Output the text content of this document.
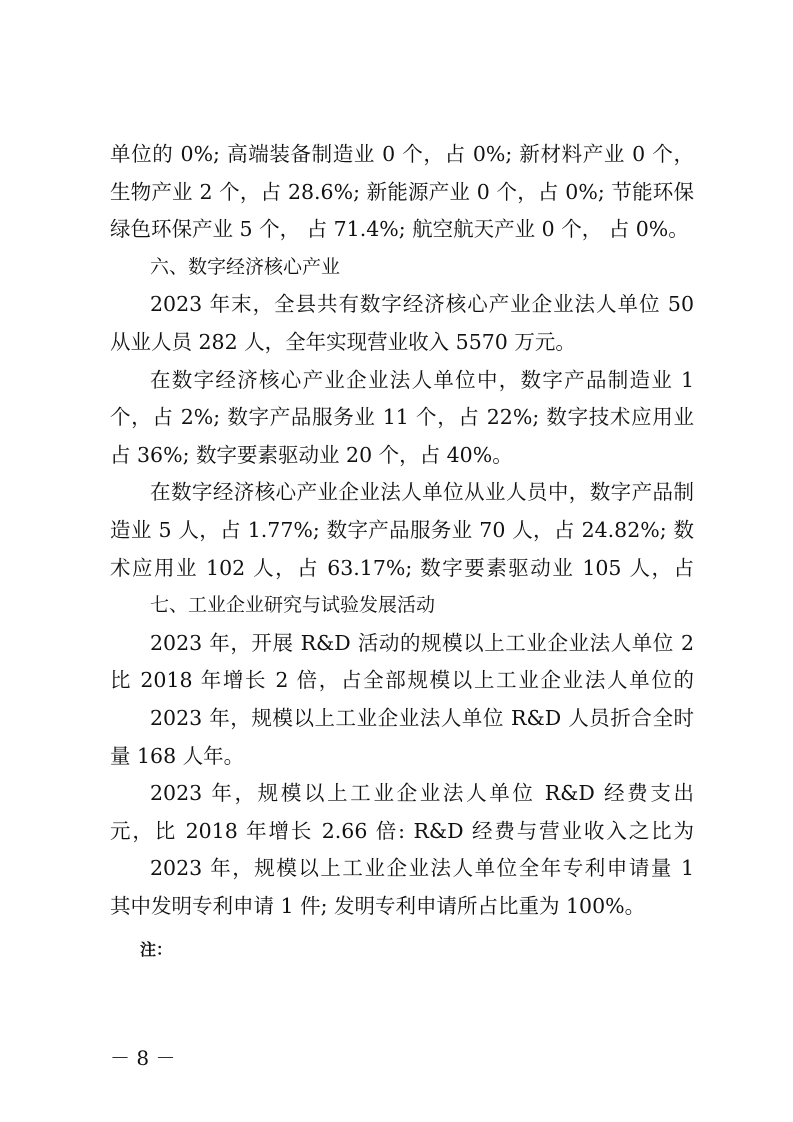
单位的 0%; 高端装备制造业 0 个，占 0%; 新材料产业 0 个，
生物产业 2 个，占 28.6%; 新能源产业 0 个，占 0%; 节能环保
绿色环保产业 5 个， 占 71.4%; 航空航天产业 0 个， 占 0%。
六、数字经济核心产业
2023 年末，全县共有数字经济核心产业企业法人单位 50
从业人员 282 人，全年实现营业收入 5570 万元。
在数字经济核心产业企业法人单位中，数字产品制造业 1
个，占 2%; 数字产品服务业 11 个，占 22%; 数字技术应用业
占 36%; 数字要素驱动业 20 个，占 40%。
在数字经济核心产业企业法人单位从业人员中，数字产品制
造业 5 人，占 1.77%; 数字产品服务业 70 人，占 24.82%; 数
术应用业 102 人，占 63.17%; 数字要素驱动业 105 人，占
七、工业企业研究与试验发展活动
2023 年，开展 R&D 活动的规模以上工业企业法人单位 2
比 2018 年增长 2 倍，占全部规模以上工业企业法人单位的
2023 年，规模以上工业企业法人单位 R&D 人员折合全时
量 168 人年。
2023 年，规模以上工业企业法人单位 R&D 经费支出
元，比 2018 年增长 2.66 倍: R&D 经费与营业收入之比为
2023 年，规模以上工业企业法人单位全年专利申请量 1
其中发明专利申请 1 件; 发明专利申请所占比重为 100%。
注：
－ 8 －
